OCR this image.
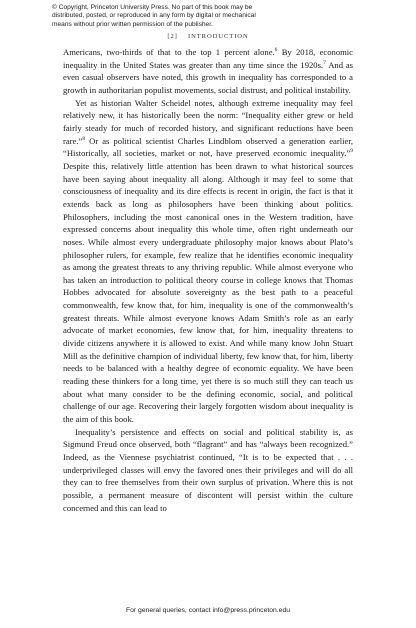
© Copyright, Princeton University Press. No part of this book may be
distributed, posted, or reproduced in any form by digital or mechanical
means without prior written permission of the publisher.
[2] INTRODUCTION

Americans, two-thirds of that to the top 1 percent alone.$^6$ By 2018, economic inequality in the United States was greater than any time since the 1920s.$^7$ And as even casual observers have noted, this growth in inequality has corresponded to a growth in authoritarian populist movements, social distrust, and political instability.

Yet as historian Walter Scheidel notes, although extreme inequality may feel relatively new, it has historically been the norm: “Inequality either grew or held fairly steady for much of recorded history, and significant reductions have been rare.”$^8$ Or as political scientist Charles Lindblom observed a generation earlier, “Historically, all societies, market or not, have preserved economic inequality.”$^9$ Despite this, relatively little attention has been drawn to what historical sources have been saying about inequality all along. Although it may feel to some that consciousness of inequality and its dire effects is recent in origin, the fact is that it extends back as long as philosophers have been thinking about politics. Philosophers, including the most canonical ones in the Western tradition, have expressed concerns about inequality this whole time, often right underneath our noses. While almost every undergraduate philosophy major knows about Plato’s philosopher rulers, for example, few realize that he identifies economic inequality as among the greatest threats to any thriving republic. While almost everyone who has taken an introduction to political theory course in college knows that Thomas Hobbes advocated for absolute sovereignty as the best path to a peaceful commonwealth, few know that, for him, inequality is one of the commonwealth’s greatest threats. While almost everyone knows Adam Smith’s role as an early advocate of market economies, few know that, for him, inequality threatens to divide citizens anywhere it is allowed to exist. And while many know John Stuart Mill as the definitive champion of individual liberty, few know that, for him, liberty needs to be balanced with a healthy degree of economic equality. We have been reading these thinkers for a long time, yet there is so much still they can teach us about what many consider to be the defining economic, social, and political challenge of our age. Recovering their largely forgotten wisdom about inequality is the aim of this book.

Inequality’s persistence and effects on social and political stability is, as Sigmund Freud once observed, both “flagrant” and has “always been recognized.” Indeed, as the Viennese psychiatrist continued, “It is to be expected that . . . underprivileged classes will envy the favored ones their privileges and will do all they can to free themselves from their own surplus of privation. Where this is not possible, a permanent measure of discontent will persist within the culture concerned and this can lead to

For general queries, contact info@press.princeton.edu
